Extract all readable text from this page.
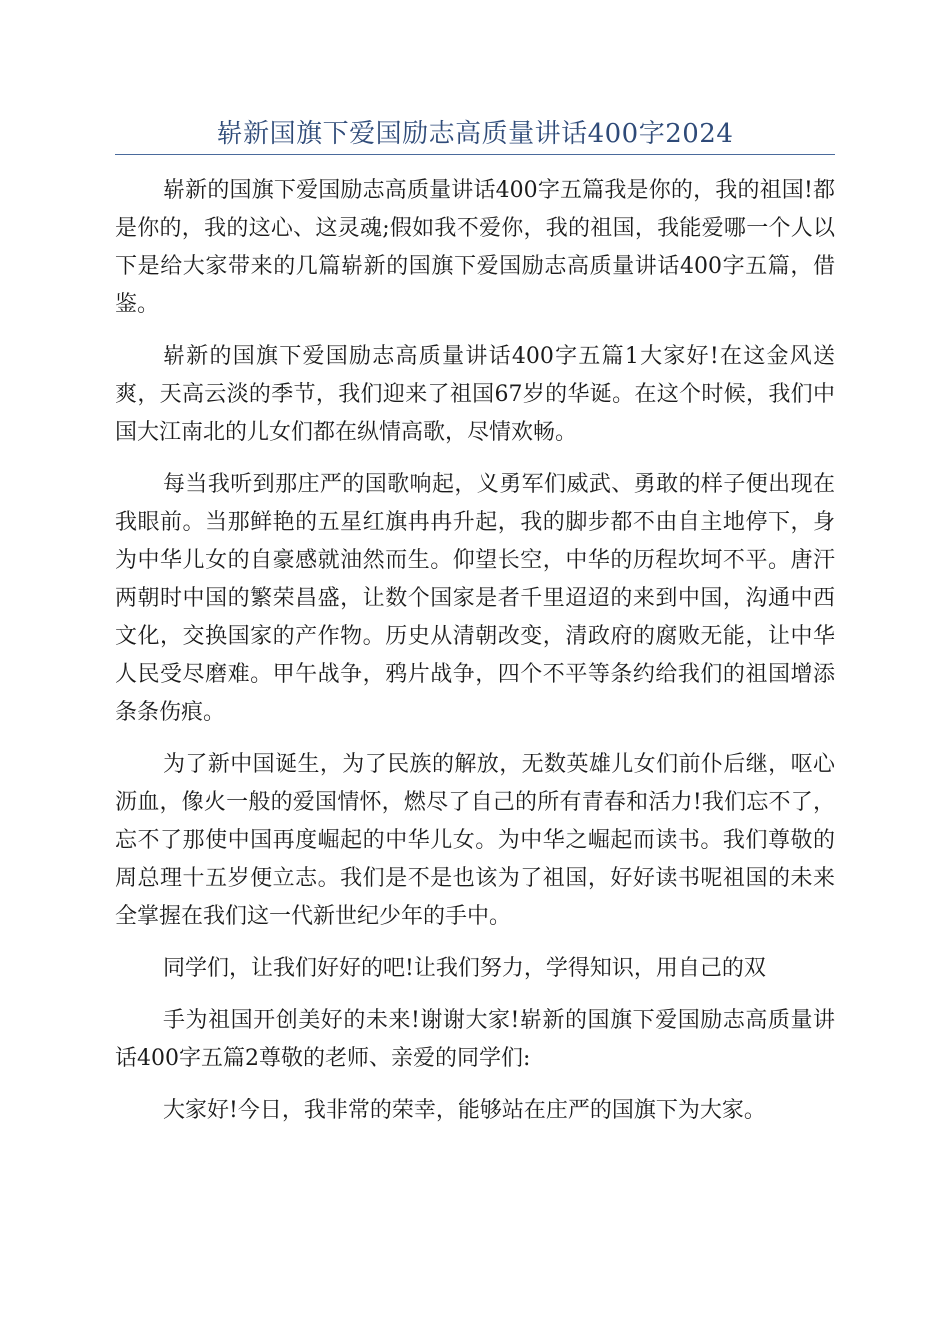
崭新国旗下爱国励志高质量讲话400字2024

崭新的国旗下爱国励志高质量讲话400字五篇我是你的，我的祖国!都是你的，我的这心、这灵魂;假如我不爱你，我的祖国，我能爱哪一个人以下是给大家带来的几篇崭新的国旗下爱国励志高质量讲话400字五篇，借鉴。

崭新的国旗下爱国励志高质量讲话400字五篇1大家好!在这金风送爽，天高云淡的季节，我们迎来了祖国67岁的华诞。在这个时候，我们中国大江南北的儿女们都在纵情高歌，尽情欢畅。

每当我听到那庄严的国歌响起，义勇军们威武、勇敢的样子便出现在我眼前。当那鲜艳的五星红旗冉冉升起，我的脚步都不由自主地停下，身为中华儿女的自豪感就油然而生。仰望长空，中华的历程坎坷不平。唐汗两朝时中国的繁荣昌盛，让数个国家是者千里迢迢的来到中国，沟通中西文化，交换国家的产作物。历史从清朝改变，清政府的腐败无能，让中华人民受尽磨难。甲午战争，鸦片战争，四个不平等条约给我们的祖国增添条条伤痕。

为了新中国诞生，为了民族的解放，无数英雄儿女们前仆后继，呕心沥血，像火一般的爱国情怀，燃尽了自己的所有青春和活力!我们忘不了，忘不了那使中国再度崛起的中华儿女。为中华之崛起而读书。我们尊敬的周总理十五岁便立志。我们是不是也该为了祖国，好好读书呢祖国的未来全掌握在我们这一代新世纪少年的手中。

同学们，让我们好好的吧!让我们努力，学得知识，用自己的双

手为祖国开创美好的未来!谢谢大家!崭新的国旗下爱国励志高质量讲话400字五篇2尊敬的老师、亲爱的同学们:

大家好!今日，我非常的荣幸，能够站在庄严的国旗下为大家。
